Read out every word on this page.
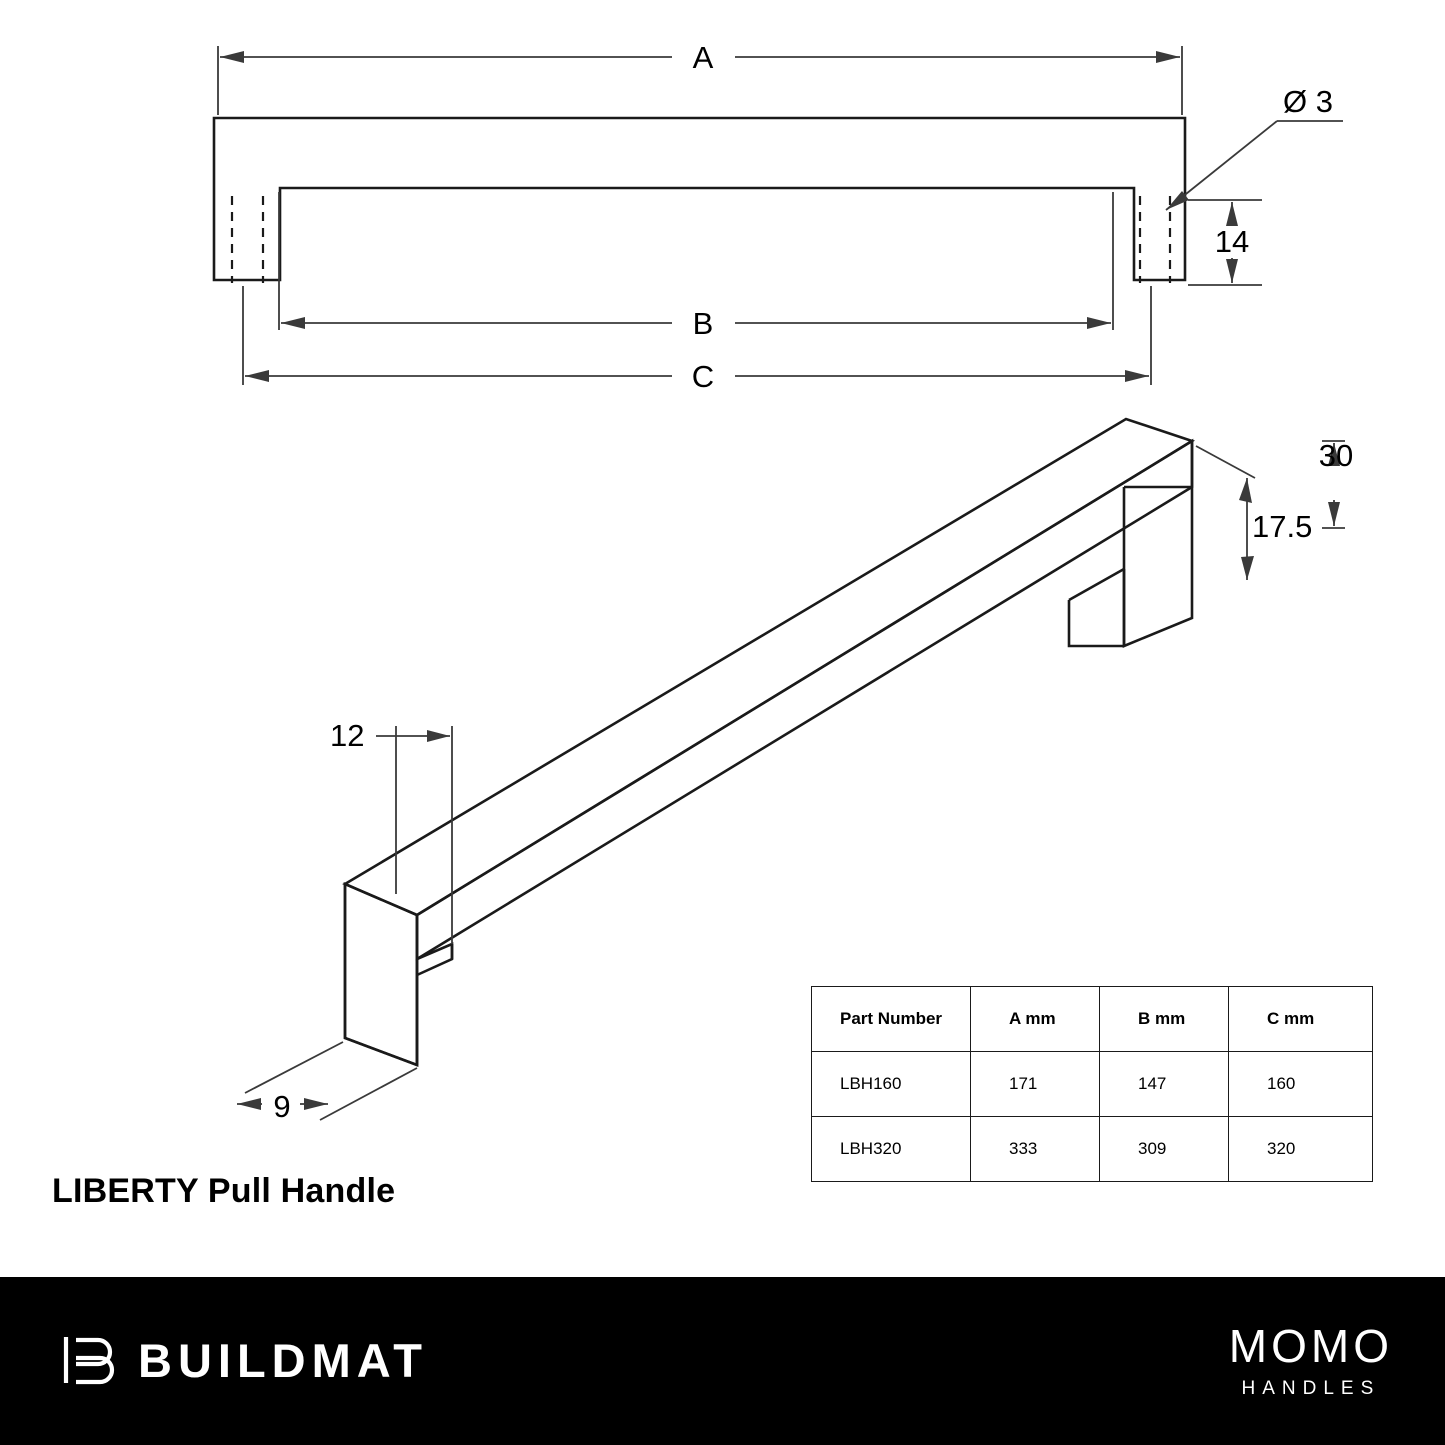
A
B
C
14
Ø 3
30
17.5
12
9
LIBERTY Pull Handle
Part Number	A mm	B mm	C mm
LBH160	171	147	160
LBH320	333	309	320
BUILDMAT	MOMO
HANDLES
